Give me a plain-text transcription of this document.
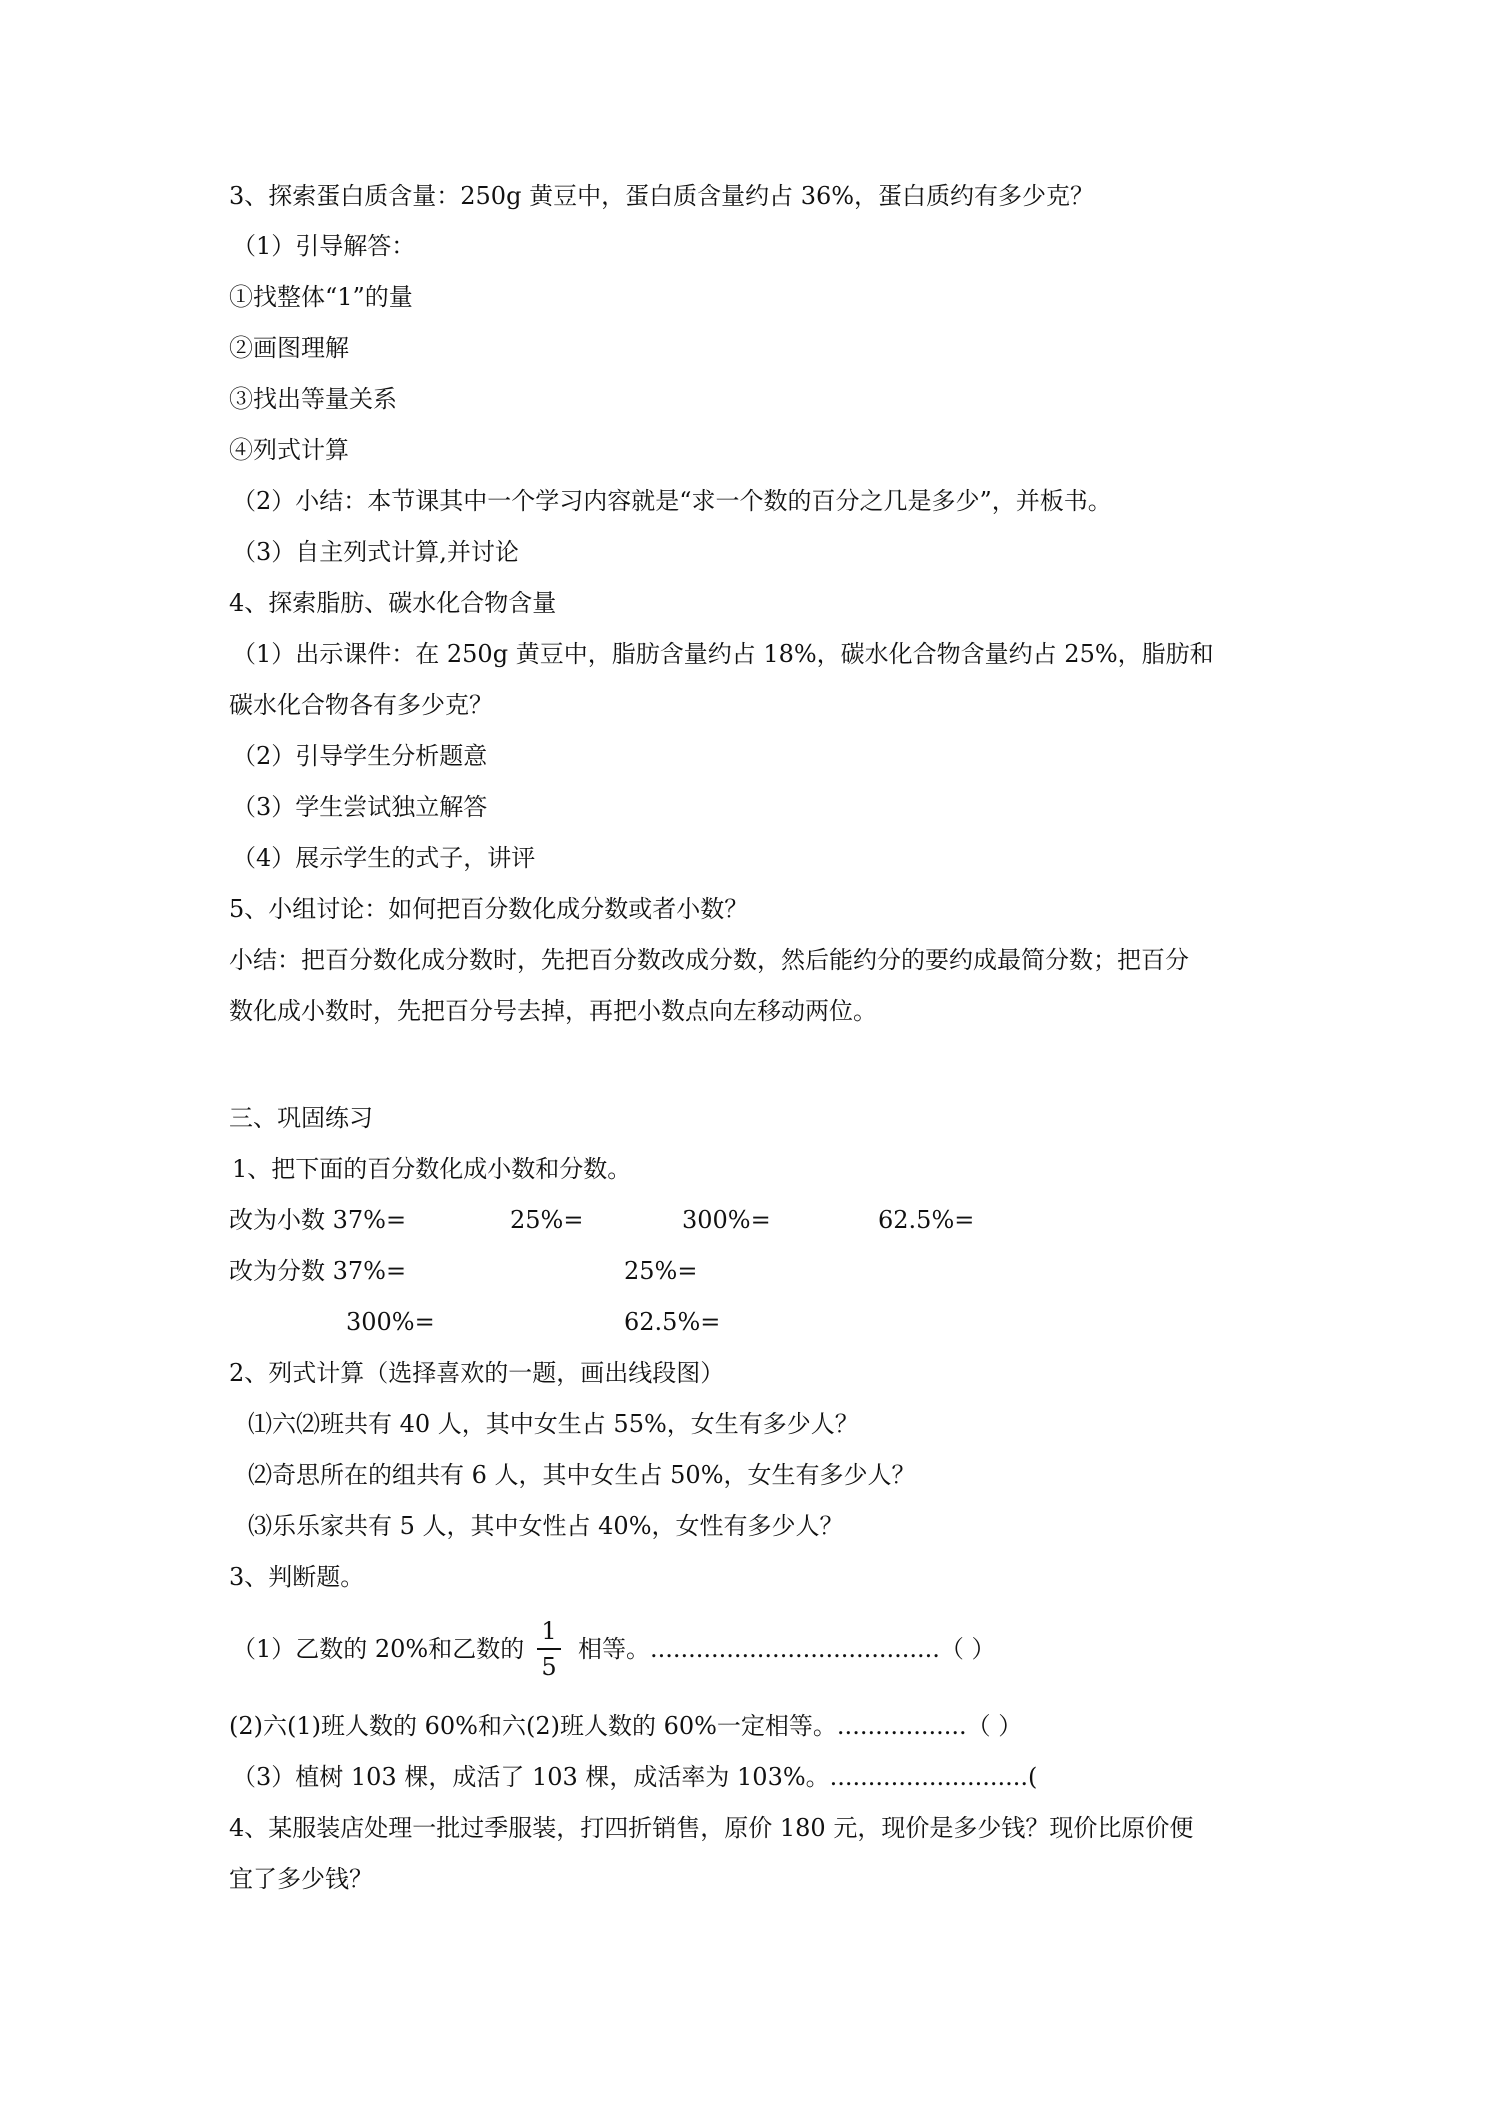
3、探索蛋白质含量：250g 黄豆中，蛋白质含量约占 36%，蛋白质约有多少克？
（1）引导解答：
①找整体“1”的量
②画图理解
③找出等量关系
④列式计算
（2）小结：本节课其中一个学习内容就是“求一个数的百分之几是多少”，并板书。
（3）自主列式计算,并讨论
4、探索脂肪、碳水化合物含量
（1）出示课件：在 250g 黄豆中，脂肪含量约占 18%，碳水化合物含量约占 25%，脂肪和
碳水化合物各有多少克？
（2）引导学生分析题意
（3）学生尝试独立解答
（4）展示学生的式子，讲评
5、小组讨论：如何把百分数化成分数或者小数？
小结：把百分数化成分数时，先把百分数改成分数，然后能约分的要约成最简分数；把百分
数化成小数时，先把百分号去掉，再把小数点向左移动两位。
三、巩固练习
1、把下面的百分数化成小数和分数。
改为小数 37%=	25%=	300%=	62.5%=
改为分数 37%=	25%=
300%=	62.5%=
2、列式计算（选择喜欢的一题，画出线段图）
⑴六⑵班共有 40 人，其中女生占 55%，女生有多少人？
⑵奇思所在的组共有 6 人，其中女生占 50%，女生有多少人？
⑶乐乐家共有 5 人，其中女性占 40%，女性有多少人？
3、判断题。
（1）乙数的 20%和乙数的
1
5
相等。......................................（ ）
(2)六(1)班人数的 60%和六(2)班人数的 60%一定相等。.................（ ）
（3）植树 103 棵，成活了 103 棵，成活率为 103%。..........................(
4、某服装店处理一批过季服装，打四折销售，原价 180 元，现价是多少钱？现价比原价便
宜了多少钱？
